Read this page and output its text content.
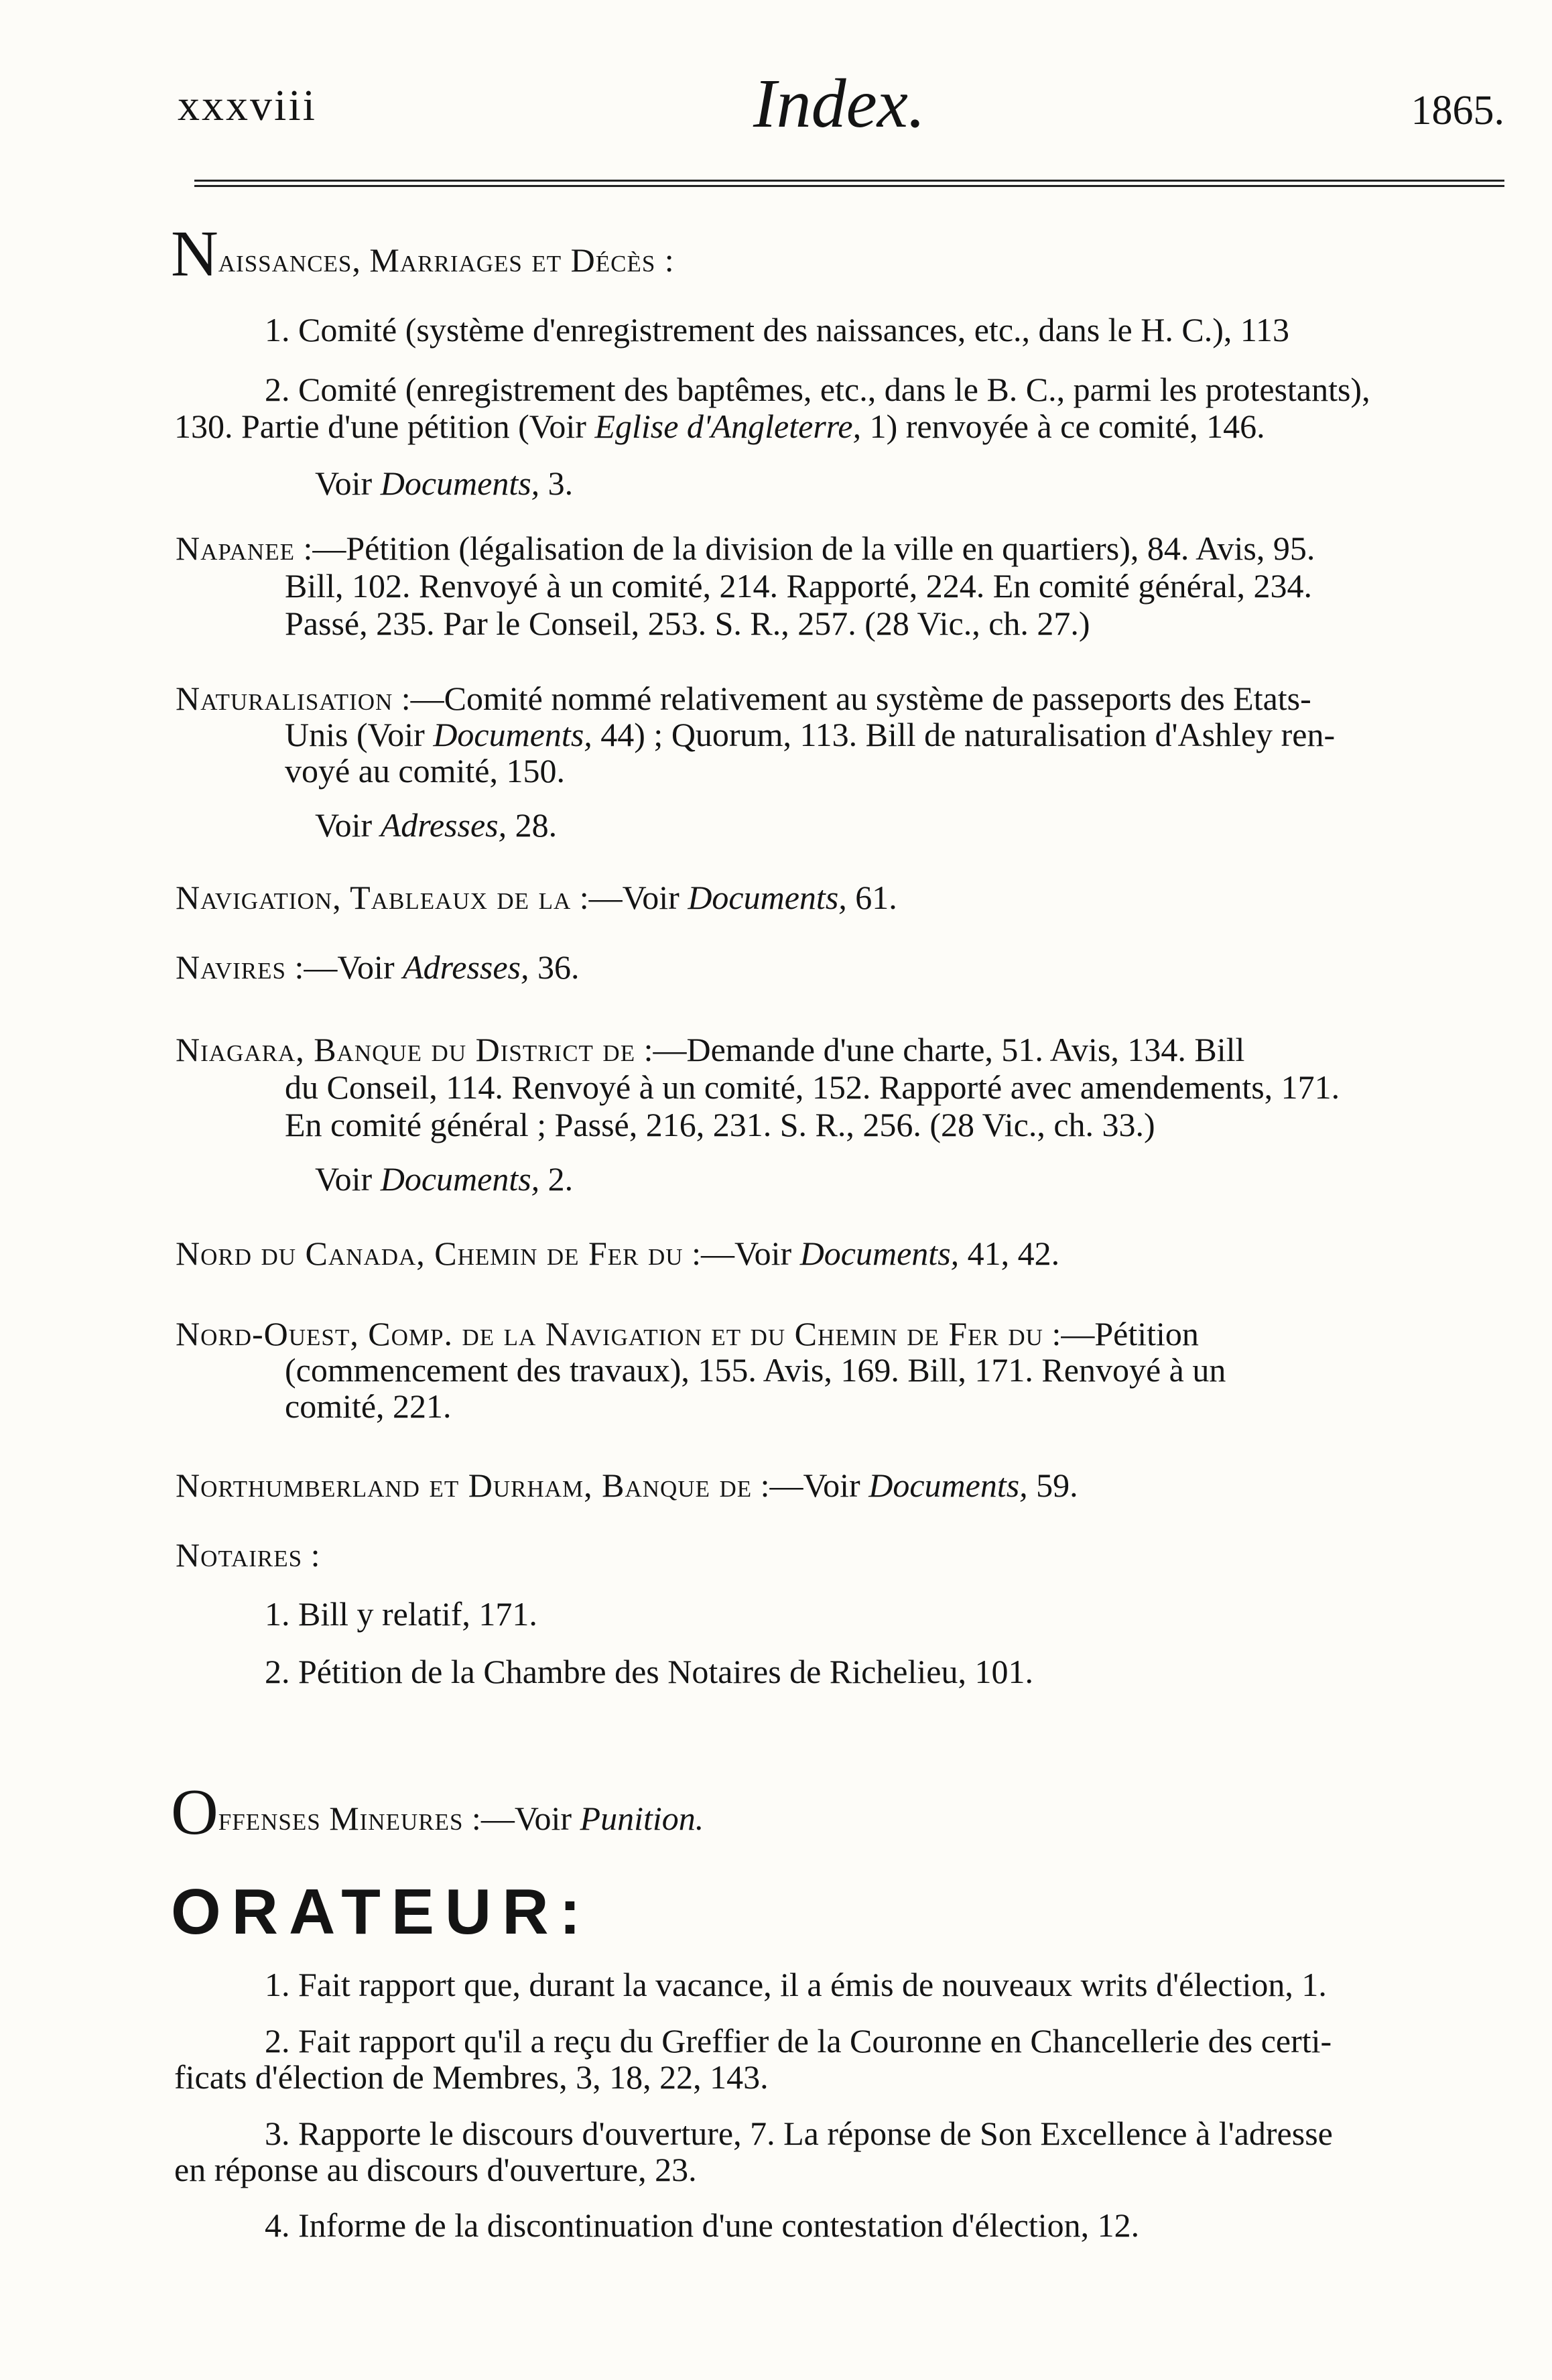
xxxviii	Index.	1865.

Naissances, Marriages et Décès :

1. Comité (système d'enregistrement des naissances, etc., dans le H. C.), 113

2. Comité (enregistrement des baptêmes, etc., dans le B. C., parmi les protestants),

130. Partie d'une pétition (Voir Eglise d'Angleterre, 1) renvoyée à ce comité, 146.

Voir Documents, 3.

Napanee :—Pétition (légalisation de la division de la ville en quartiers), 84. Avis, 95.

Bill, 102. Renvoyé à un comité, 214. Rapporté, 224. En comité général, 234.

Passé, 235. Par le Conseil, 253. S. R., 257. (28 Vic., ch. 27.)

Naturalisation :—Comité nommé relativement au système de passeports des Etats-

Unis (Voir Documents, 44) ; Quorum, 113. Bill de naturalisation d'Ashley ren-

voyé au comité, 150.

Voir Adresses, 28.

Navigation, Tableaux de la :—Voir Documents, 61.

Navires :—Voir Adresses, 36.

Niagara, Banque du District de :—Demande d'une charte, 51. Avis, 134. Bill

du Conseil, 114. Renvoyé à un comité, 152. Rapporté avec amendements, 171.

En comité général ; Passé, 216, 231. S. R., 256. (28 Vic., ch. 33.)

Voir Documents, 2.

Nord du Canada, Chemin de Fer du :—Voir Documents, 41, 42.

Nord-Ouest, Comp. de la Navigation et du Chemin de Fer du :—Pétition

(commencement des travaux), 155. Avis, 169. Bill, 171. Renvoyé à un

comité, 221.

Northumberland et Durham, Banque de :—Voir Documents, 59.

Notaires :

1. Bill y relatif, 171.

2. Pétition de la Chambre des Notaires de Richelieu, 101.

Offenses Mineures :—Voir Punition.

ORATEUR:

1. Fait rapport que, durant la vacance, il a émis de nouveaux writs d'élection, 1.

2. Fait rapport qu'il a reçu du Greffier de la Couronne en Chancellerie des certi-

ficats d'élection de Membres, 3, 18, 22, 143.

3. Rapporte le discours d'ouverture, 7. La réponse de Son Excellence à l'adresse

en réponse au discours d'ouverture, 23.

4. Informe de la discontinuation d'une contestation d'élection, 12.
